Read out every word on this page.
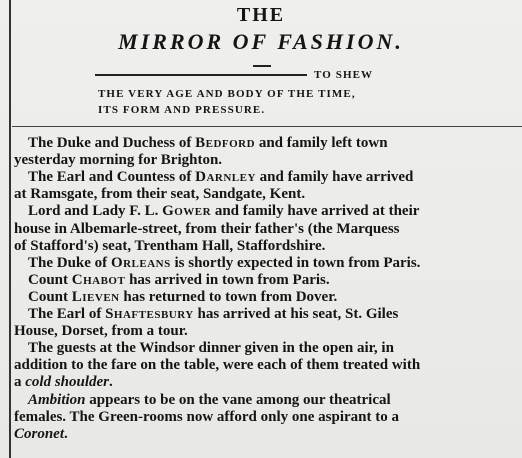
THE
MIRROR OF FASHION.
TO SHEW
THE VERY AGE AND BODY OF THE TIME,
ITS FORM AND PRESSURE.
The Duke and Duchess of Bedford and family left town
yesterday morning for Brighton.
The Earl and Countess of Darnley and family have arrived
at Ramsgate, from their seat, Sandgate, Kent.
Lord and Lady F. L. Gower and family have arrived at their
house in Albemarle-street, from their father's (the Marquess
of Stafford's) seat, Trentham Hall, Staffordshire.
The Duke of Orleans is shortly expected in town from Paris.
Count Chabot has arrived in town from Paris.
Count Lieven has returned to town from Dover.
The Earl of Shaftesbury has arrived at his seat, St. Giles
House, Dorset, from a tour.
The guests at the Windsor dinner given in the open air, in
addition to the fare on the table, were each of them treated with
a cold shoulder.
Ambition appears to be on the vane among our theatrical
females. The Green-rooms now afford only one aspirant to a
Coronet.
